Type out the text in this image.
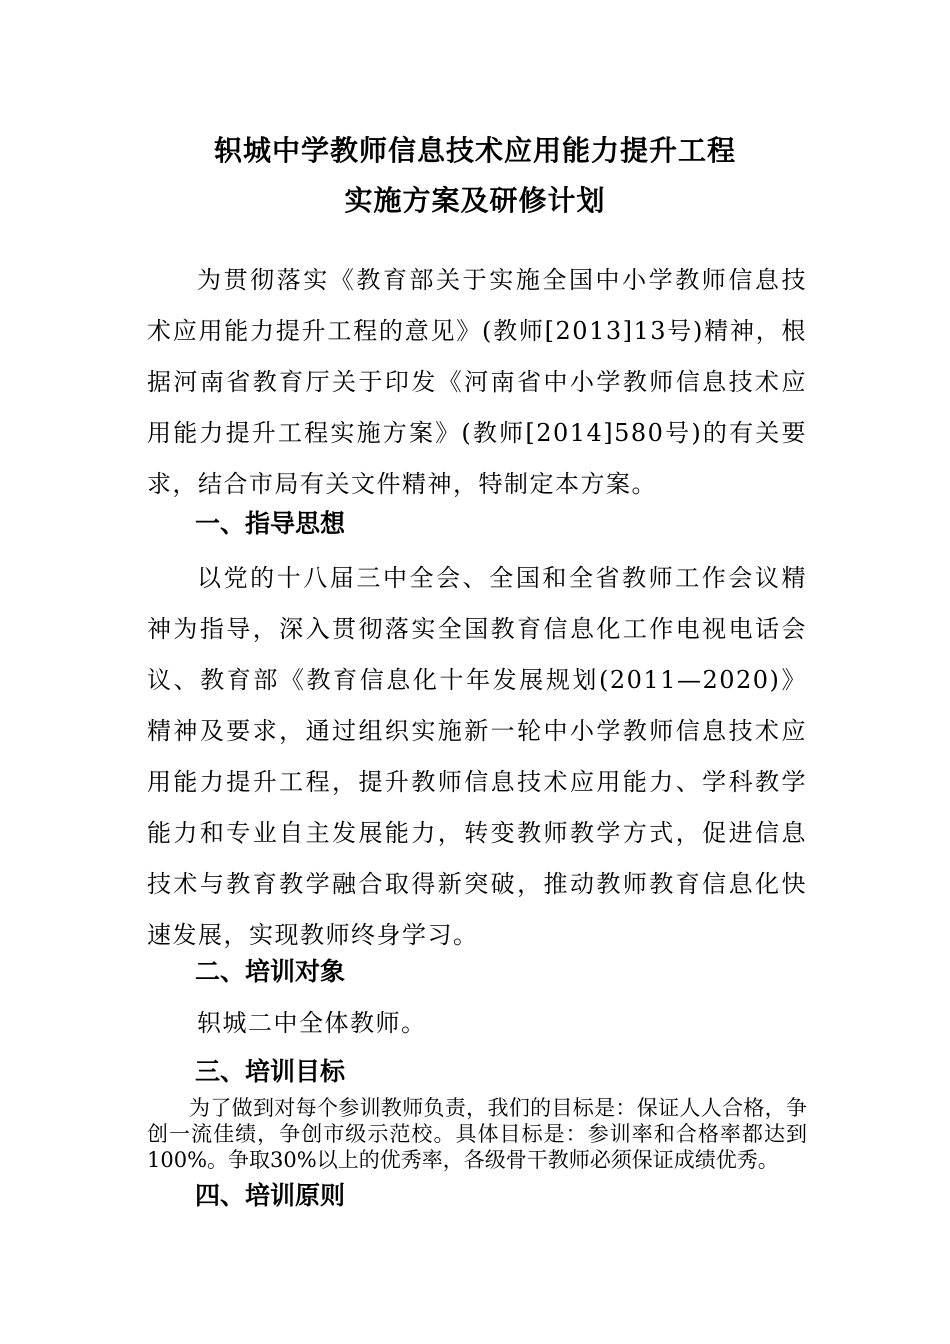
轵城中学教师信息技术应用能力提升工程
实施方案及研修计划

为贯彻落实《教育部关于实施全国中小学教师信息技术应用能力提升工程的意见》(教师[2013]13号)精神，根据河南省教育厅关于印发《河南省中小学教师信息技术应用能力提升工程实施方案》(教师[2014]580号)的有关要求，结合市局有关文件精神，特制定本方案。

一、指导思想

以党的十八届三中全会、全国和全省教师工作会议精神为指导，深入贯彻落实全国教育信息化工作电视电话会议、教育部《教育信息化十年发展规划(2011—2020)》精神及要求，通过组织实施新一轮中小学教师信息技术应用能力提升工程，提升教师信息技术应用能力、学科教学能力和专业自主发展能力，转变教师教学方式，促进信息技术与教育教学融合取得新突破，推动教师教育信息化快速发展，实现教师终身学习。

二、培训对象

轵城二中全体教师。

三、培训目标

为了做到对每个参训教师负责，我们的目标是：保证人人合格，争创一流佳绩，争创市级示范校。具体目标是：参训率和合格率都达到100%。争取30%以上的优秀率，各级骨干教师必须保证成绩优秀。

四、培训原则
